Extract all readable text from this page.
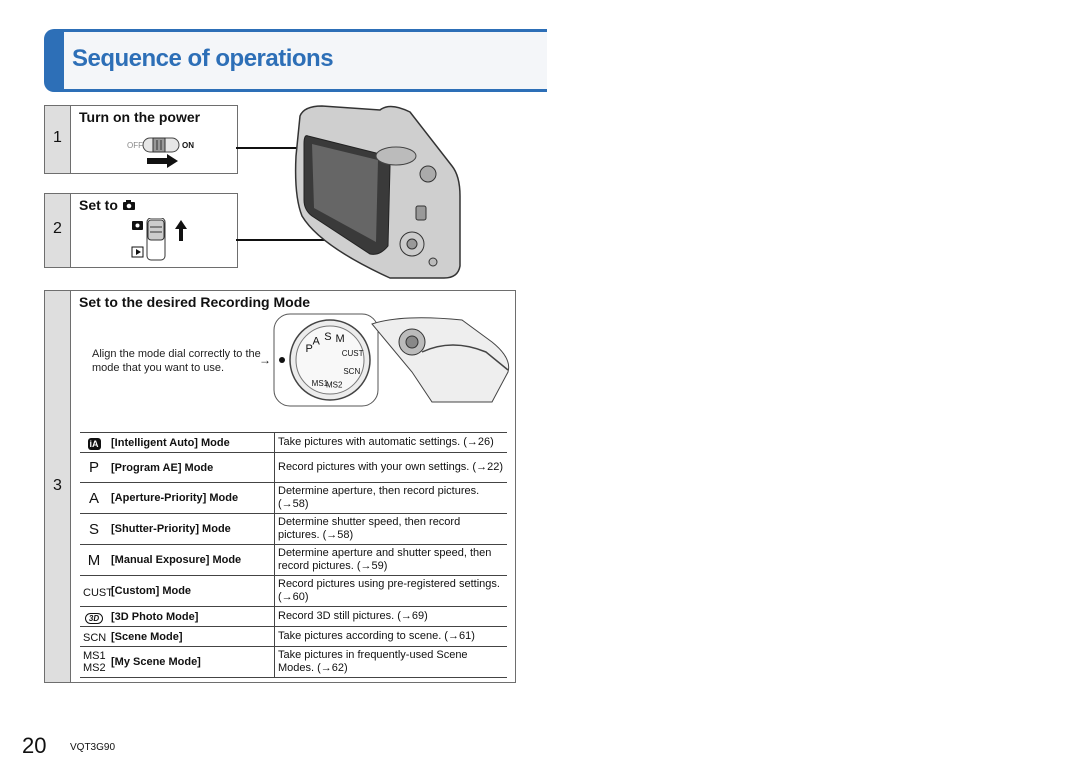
Sequence of operations
1
Turn on the power
OFF	ON
2
Set to
3
Set to the desired Recording Mode
Align the mode dial correctly to the mode that you want to use.
→
P
A S M
CUST
SCN
MS2
MS1
iA	[Intelligent Auto] Mode	Take pictures with automatic settings. (→26)
P	[Program AE] Mode	Record pictures with your own settings. (→22)
A	[Aperture-Priority] Mode	Determine aperture, then record pictures. (→58)
S	[Shutter-Priority] Mode	Determine shutter speed, then record pictures. (→58)
M	[Manual Exposure] Mode	Determine aperture and shutter speed, then record pictures. (→59)
CUST	[Custom] Mode	Record pictures using pre-registered settings. (→60)
3D	[3D Photo Mode]	Record 3D still pictures. (→69)
SCN	[Scene Mode]	Take pictures according to scene. (→61)
MS1 MS2	[My Scene Mode]	Take pictures in frequently-used Scene Modes. (→62)
20 VQT3G90
